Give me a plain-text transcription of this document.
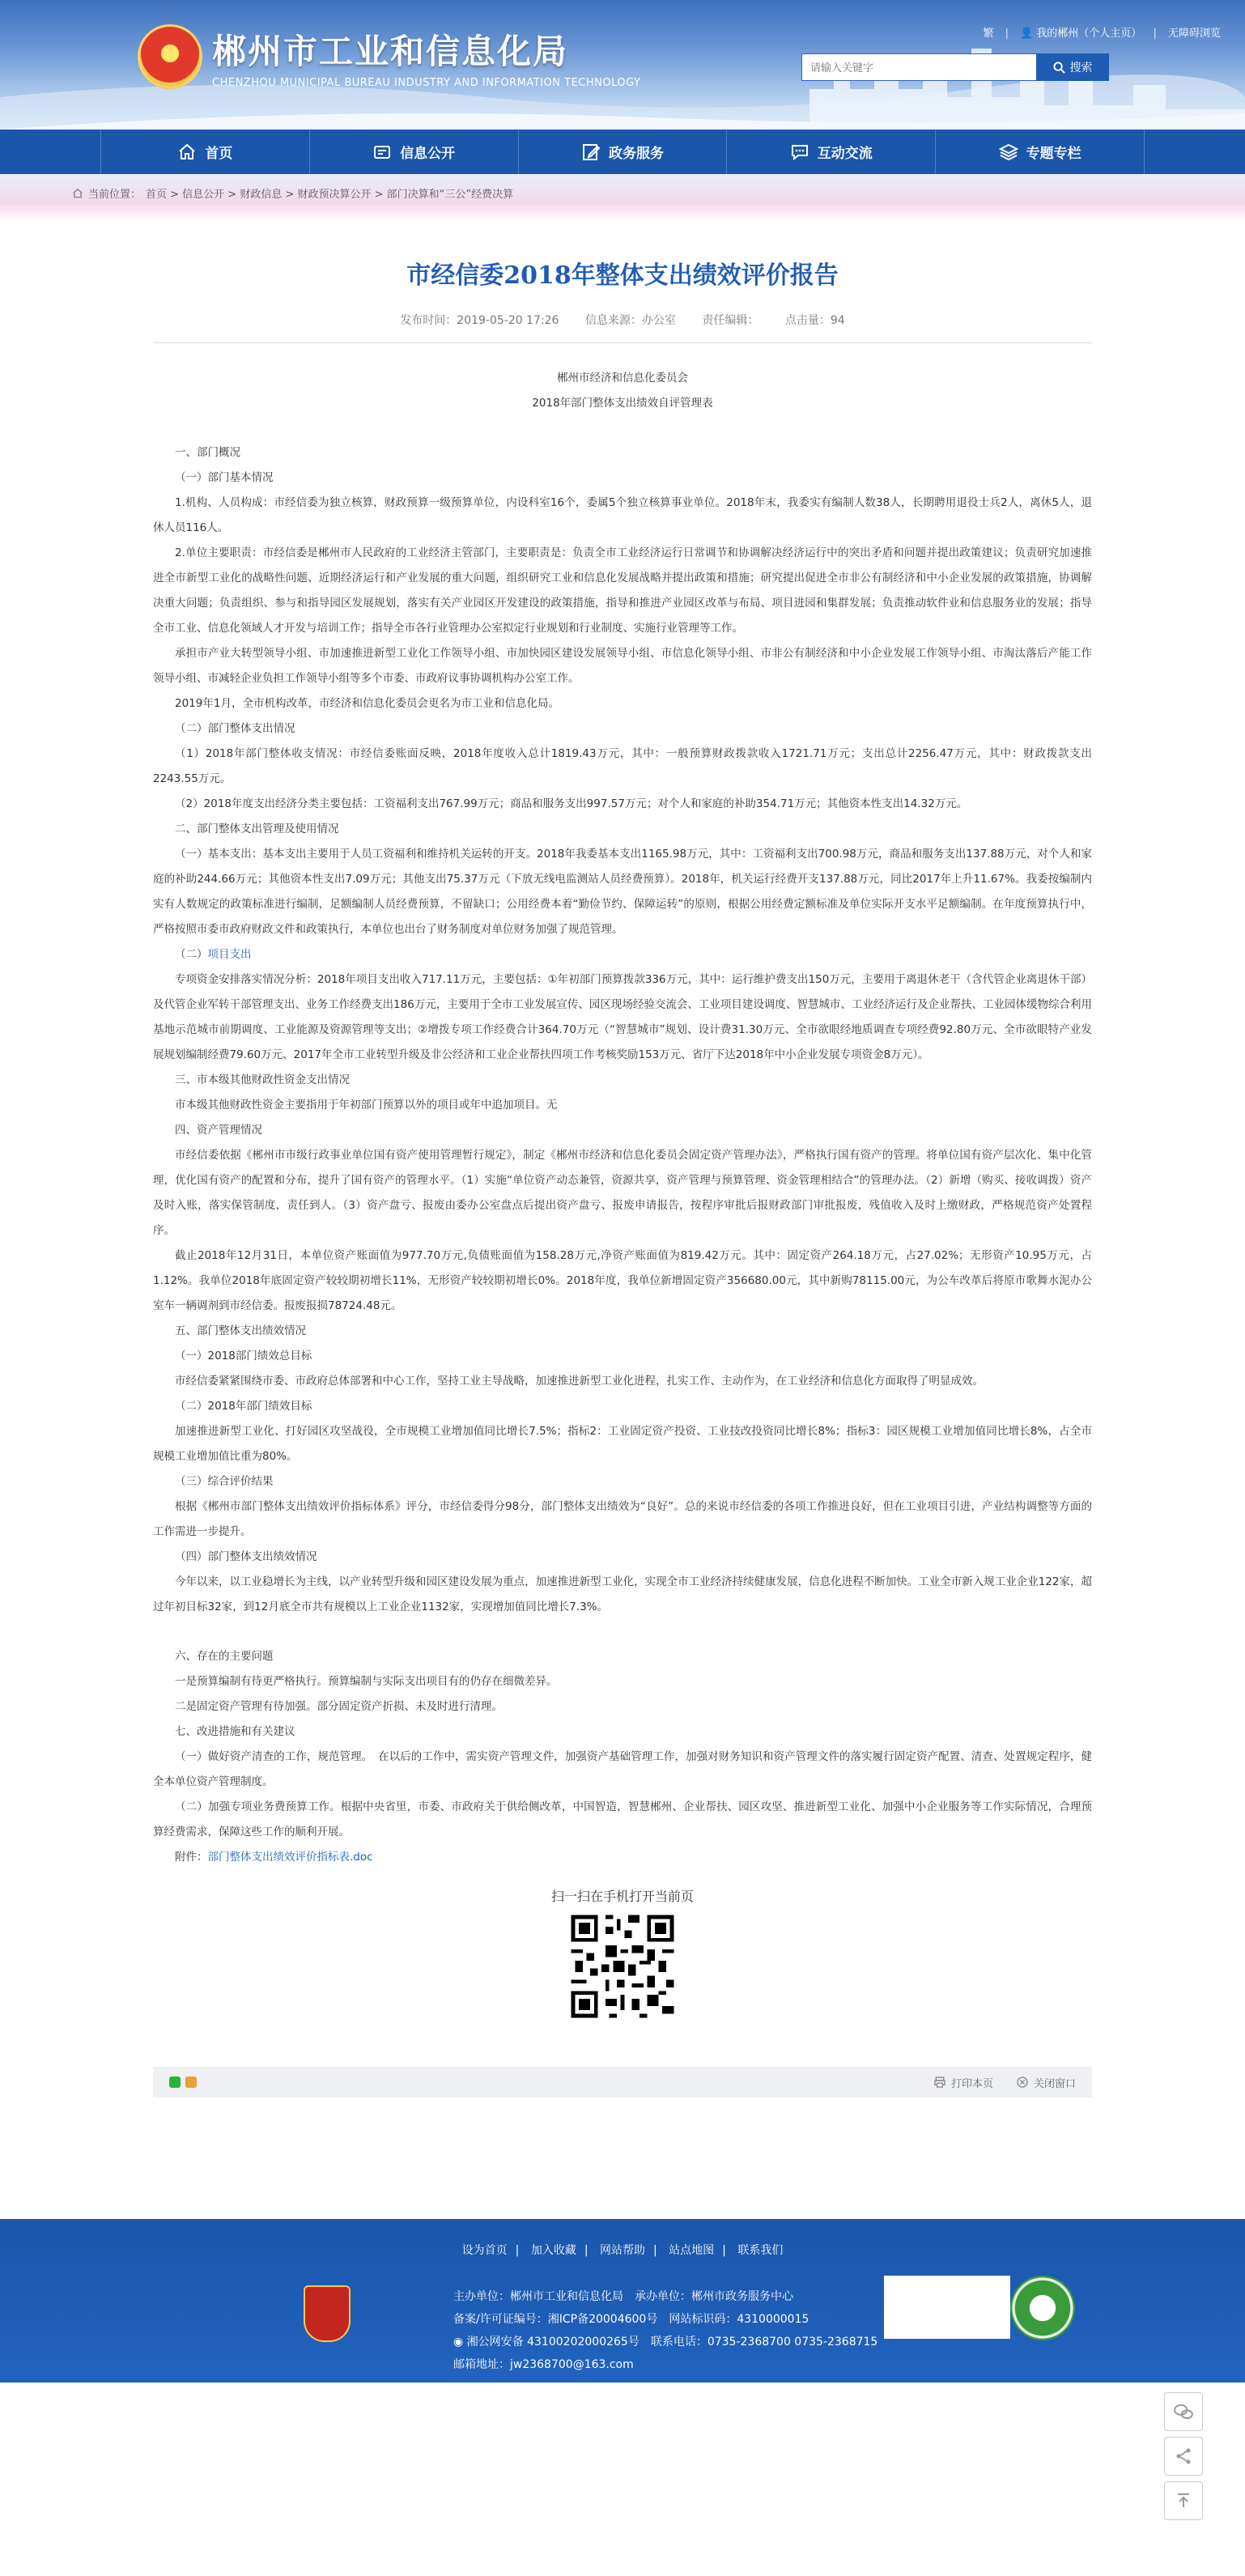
郴州市工业和信息化局
CHENZHOU MUNICIPAL BUREAU INDUSTRY AND INFORMATION TECHNOLOGY
繁 | 👤 我的郴州（个人主页） | 无障碍浏览
请输入关键字
搜索
首页	信息公开	政务服务	互动交流	专题专栏
当前位置： 首页 > 信息公开 > 财政信息 > 财政预决算公开 > 部门决算和“三公”经费决算
市经信委2018年整体支出绩效评价报告
发布时间：2019-05-20 17:26 信息来源：办公室 责任编辑： 点击量：94
郴州市经济和信息化委员会
2018年部门整体支出绩效自评管理表

一、部门概况

（一）部门基本情况

1.机构、人员构成：市经信委为独立核算，财政预算一级预算单位，内设科室16个，委属5个独立核算事业单位。2018年末，我委实有编制人数38人，长期聘用退役士兵2人，离休5人，退休人员116人。

2.单位主要职责：市经信委是郴州市人民政府的工业经济主管部门，主要职责是：负责全市工业经济运行日常调节和协调解决经济运行中的突出矛盾和问题并提出政策建议；负责研究加速推进全市新型工业化的战略性问题、近期经济运行和产业发展的重大问题，组织研究工业和信息化发展战略并提出政策和措施；研究提出促进全市非公有制经济和中小企业发展的政策措施，协调解决重大问题；负责组织、参与和指导园区发展规划，落实有关产业园区开发建设的政策措施，指导和推进产业园区改革与布局、项目进园和集群发展；负责推动软件业和信息服务业的发展；指导全市工业、信息化领域人才开发与培训工作；指导全市各行业管理办公室拟定行业规划和行业制度、实施行业管理等工作。

承担市产业大转型领导小组、市加速推进新型工业化工作领导小组、市加快园区建设发展领导小组、市信息化领导小组、市非公有制经济和中小企业发展工作领导小组、市淘汰落后产能工作领导小组、市减轻企业负担工作领导小组等多个市委、市政府议事协调机构办公室工作。

2019年1月，全市机构改革，市经济和信息化委员会更名为市工业和信息化局。

（二）部门整体支出情况

（1）2018年部门整体收支情况：市经信委账面反映，2018年度收入总计1819.43万元，其中：一般预算财政拨款收入1721.71万元；支出总计2256.47万元，其中：财政拨款支出2243.55万元。

（2）2018年度支出经济分类主要包括：工资福利支出767.99万元；商品和服务支出997.57万元；对个人和家庭的补助354.71万元；其他资本性支出14.32万元。

二、部门整体支出管理及使用情况

（一）基本支出：基本支出主要用于人员工资福利和维持机关运转的开支。2018年我委基本支出1165.98万元，其中：工资福利支出700.98万元，商品和服务支出137.88万元，对个人和家庭的补助244.66万元；其他资本性支出7.09万元；其他支出75.37万元（下放无线电监测站人员经费预算）。2018年，机关运行经费开支137.88万元，同比2017年上升11.67%。我委按编制内实有人数规定的政策标准进行编制，足额编制人员经费预算，不留缺口；公用经费本着“勤俭节约、保障运转”的原则，根据公用经费定额标准及单位实际开支水平足额编制。在年度预算执行中，严格按照市委市政府财政文件和政策执行，本单位也出台了财务制度对单位财务加强了规范管理。

（二）项目支出

专项资金安排落实情况分析：2018年项目支出收入717.11万元，主要包括：①年初部门预算拨款336万元，其中：运行维护费支出150万元，主要用于离退休老干（含代管企业离退休干部）及代管企业军转干部管理支出、业务工作经费支出186万元，主要用于全市工业发展宣传、园区现场经验交流会、工业项目建设调度、智慧城市、工业经济运行及企业帮扶、工业园体缓物综合利用基地示范城市前期调度、工业能源及资源管理等支出；②增拨专项工作经费合计364.70万元（“智慧城市”规划、设计费31.30万元、全市欲眼经地质调查专项经费92.80万元、全市欲眼特产业发展规划编制经费79.60万元、2017年全市工业转型升级及非公经济和工业企业帮扶四项工作考核奖励153万元、省厅下达2018年中小企业发展专项资金8万元）。

三、市本级其他财政性资金支出情况

市本级其他财政性资金主要指用于年初部门预算以外的项目或年中追加项目。无

四、资产管理情况

市经信委依据《郴州市市级行政事业单位国有资产使用管理暂行规定》，制定《郴州市经济和信息化委员会固定资产管理办法》，严格执行国有资产的管理。将单位国有资产层次化、集中化管理，优化国有资产的配置和分布，提升了国有资产的管理水平。（1）实施“单位资产动态兼管，资源共享，资产管理与预算管理、资金管理相结合”的管理办法。（2）新增（购买、接收调拨）资产及时入账，落实保管制度，责任到人。（3）资产盘亏、报废由委办公室盘点后提出资产盘亏、报废申请报告，按程序审批后报财政部门审批报废，残值收入及时上缴财政，严格规范资产处置程序。

截止2018年12月31日，本单位资产账面值为977.70万元,负债账面值为158.28万元,净资产账面值为819.42万元。其中：固定资产264.18万元，占27.02%；无形资产10.95万元，占1.12%。我单位2018年底固定资产较较期初增长11%，无形资产较较期初增长0%。2018年度，我单位新增固定资产356680.00元，其中新购78115.00元，为公车改革后将原市歌舞水泥办公室车一辆调剂到市经信委。报废报损78724.48元。

五、部门整体支出绩效情况

（一）2018部门绩效总目标

市经信委紧紧围绕市委、市政府总体部署和中心工作，坚持工业主导战略，加速推进新型工业化进程，扎实工作、主动作为，在工业经济和信息化方面取得了明显成效。

（二）2018年部门绩效目标

加速推进新型工业化、打好园区攻坚战役，全市规模工业增加值同比增长7.5%；指标2：工业固定资产投资、工业技改投资同比增长8%；指标3：园区规模工业增加值同比增长8%，占全市规模工业增加值比重为80%。

（三）综合评价结果

根据《郴州市部门整体支出绩效评价指标体系》评分，市经信委得分98分，部门整体支出绩效为“良好”。总的来说市经信委的各项工作推进良好，但在工业项目引进，产业结构调整等方面的工作需进一步提升。

（四）部门整体支出绩效情况

今年以来，以工业稳增长为主线，以产业转型升级和园区建设发展为重点，加速推进新型工业化，实现全市工业经济持续健康发展，信息化进程不断加快。工业全市新入规工业企业122家，超过年初目标32家，到12月底全市共有规模以上工业企业1132家，实现增加值同比增长7.3%。

六、存在的主要问题

一是预算编制有待更严格执行。预算编制与实际支出项目有的仍存在细微差异。

二是固定资产管理有待加强。部分固定资产折损、未及时进行清理。

七、改进措施和有关建议

（一）做好资产清查的工作，规范管理。　在以后的工作中，需实资产管理文件，加强资产基础管理工作，加强对财务知识和资产管理文件的落实履行固定资产配置、清查、处置规定程序，健全本单位资产管理制度。

（二）加强专项业务费预算工作。根据中央省里，市委、市政府关于供给侧改革，中国智造，智慧郴州、企业帮扶、园区攻坚、推进新型工业化、加强中小企业服务等工作实际情况，合理预算经费需求，保障这些工作的顺利开展。

附件：部门整体支出绩效评价指标表.doc

扫一扫在手机打开当前页
打印本页	关闭窗口
设为首页 | 加入收藏 | 网站帮助 | 站点地图 | 联系我们
主办单位：郴州市工业和信息化局　 承办单位：郴州市政务服务中心
备案/许可证编号：湘ICP备20004600号　 网站标识码：4310000015
◉ 湘公网安备 43100202000265号　 联系电话：0735-2368700 0735-2368715
邮箱地址：jw2368700@163.com
